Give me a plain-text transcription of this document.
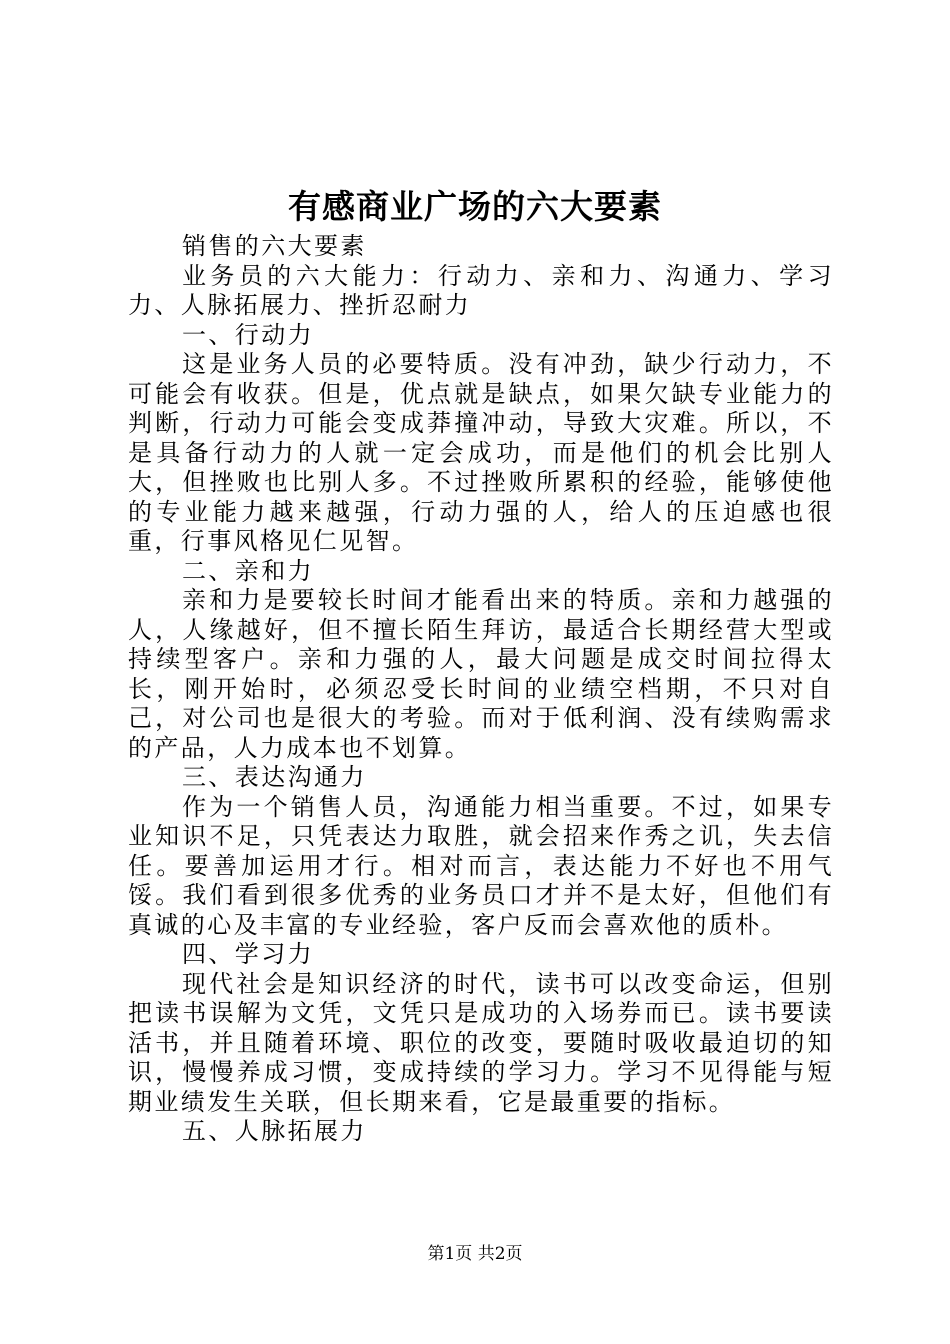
有感商业广场的六大要素

销售的六大要素

业务员的六大能力：行动力、亲和力、沟通力、学习力、人脉拓展力、挫折忍耐力

一、行动力

这是业务人员的必要特质。没有冲劲，缺少行动力，不可能会有收获。但是，优点就是缺点，如果欠缺专业能力的判断，行动力可能会变成莽撞冲动，导致大灾难。所以，不是具备行动力的人就一定会成功，而是他们的机会比别人大，但挫败也比别人多。不过挫败所累积的经验，能够使他的专业能力越来越强，行动力强的人，给人的压迫感也很重，行事风格见仁见智。

二、亲和力

亲和力是要较长时间才能看出来的特质。亲和力越强的人，人缘越好，但不擅长陌生拜访，最适合长期经营大型或持续型客户。亲和力强的人，最大问题是成交时间拉得太长，刚开始时，必须忍受长时间的业绩空档期，不只对自己，对公司也是很大的考验。而对于低利润、没有续购需求的产品，人力成本也不划算。

三、表达沟通力

作为一个销售人员，沟通能力相当重要。不过，如果专业知识不足，只凭表达力取胜，就会招来作秀之讥，失去信任。要善加运用才行。相对而言，表达能力不好也不用气馁。我们看到很多优秀的业务员口才并不是太好，但他们有真诚的心及丰富的专业经验，客户反而会喜欢他的质朴。

四、学习力

现代社会是知识经济的时代，读书可以改变命运，但别把读书误解为文凭，文凭只是成功的入场券而已。读书要读活书，并且随着环境、职位的改变，要随时吸收最迫切的知识，慢慢养成习惯，变成持续的学习力。学习不见得能与短期业绩发生关联，但长期来看，它是最重要的指标。

五、人脉拓展力

第1页 共2页
